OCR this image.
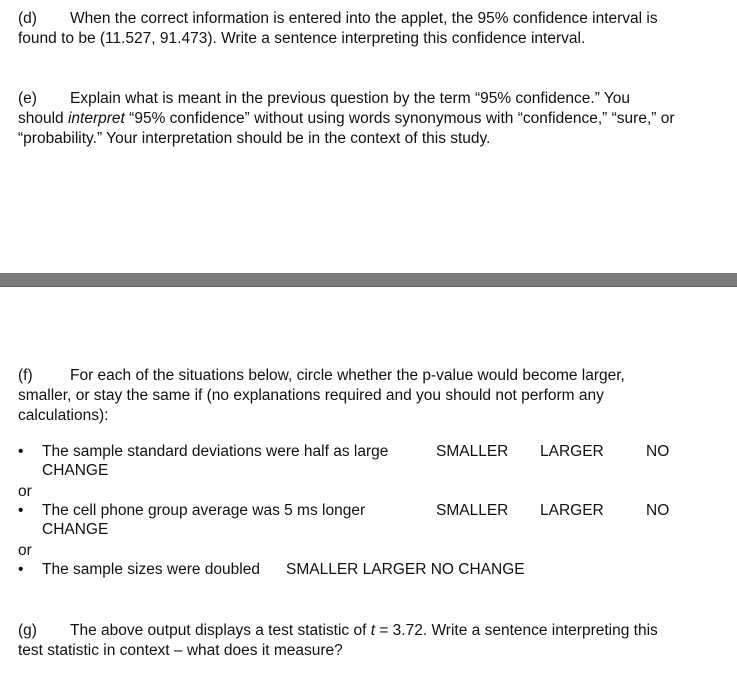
(d) When the correct information is entered into the applet, the 95% confidence interval is
found to be (11.527, 91.473). Write a sentence interpreting this confidence interval.
(e) Explain what is meant in the previous question by the term “95% confidence.” You
should interpret “95% confidence” without using words synonymous with “confidence,” “sure,” or
“probability.” Your interpretation should be in the context of this study.
(f) For each of the situations below, circle whether the p-value would become larger,
smaller, or stay the same if (no explanations required and you should not perform any
calculations):
•	The sample standard deviations were half as large	SMALLER LARGER	NO
CHANGE
or
•	The cell phone group average was 5 ms longer	SMALLER LARGER	NO
CHANGE
or
•	The sample sizes were doubled SMALLER LARGER NO CHANGE
(g) The above output displays a test statistic of t = 3.72. Write a sentence interpreting this
test statistic in context – what does it measure?
